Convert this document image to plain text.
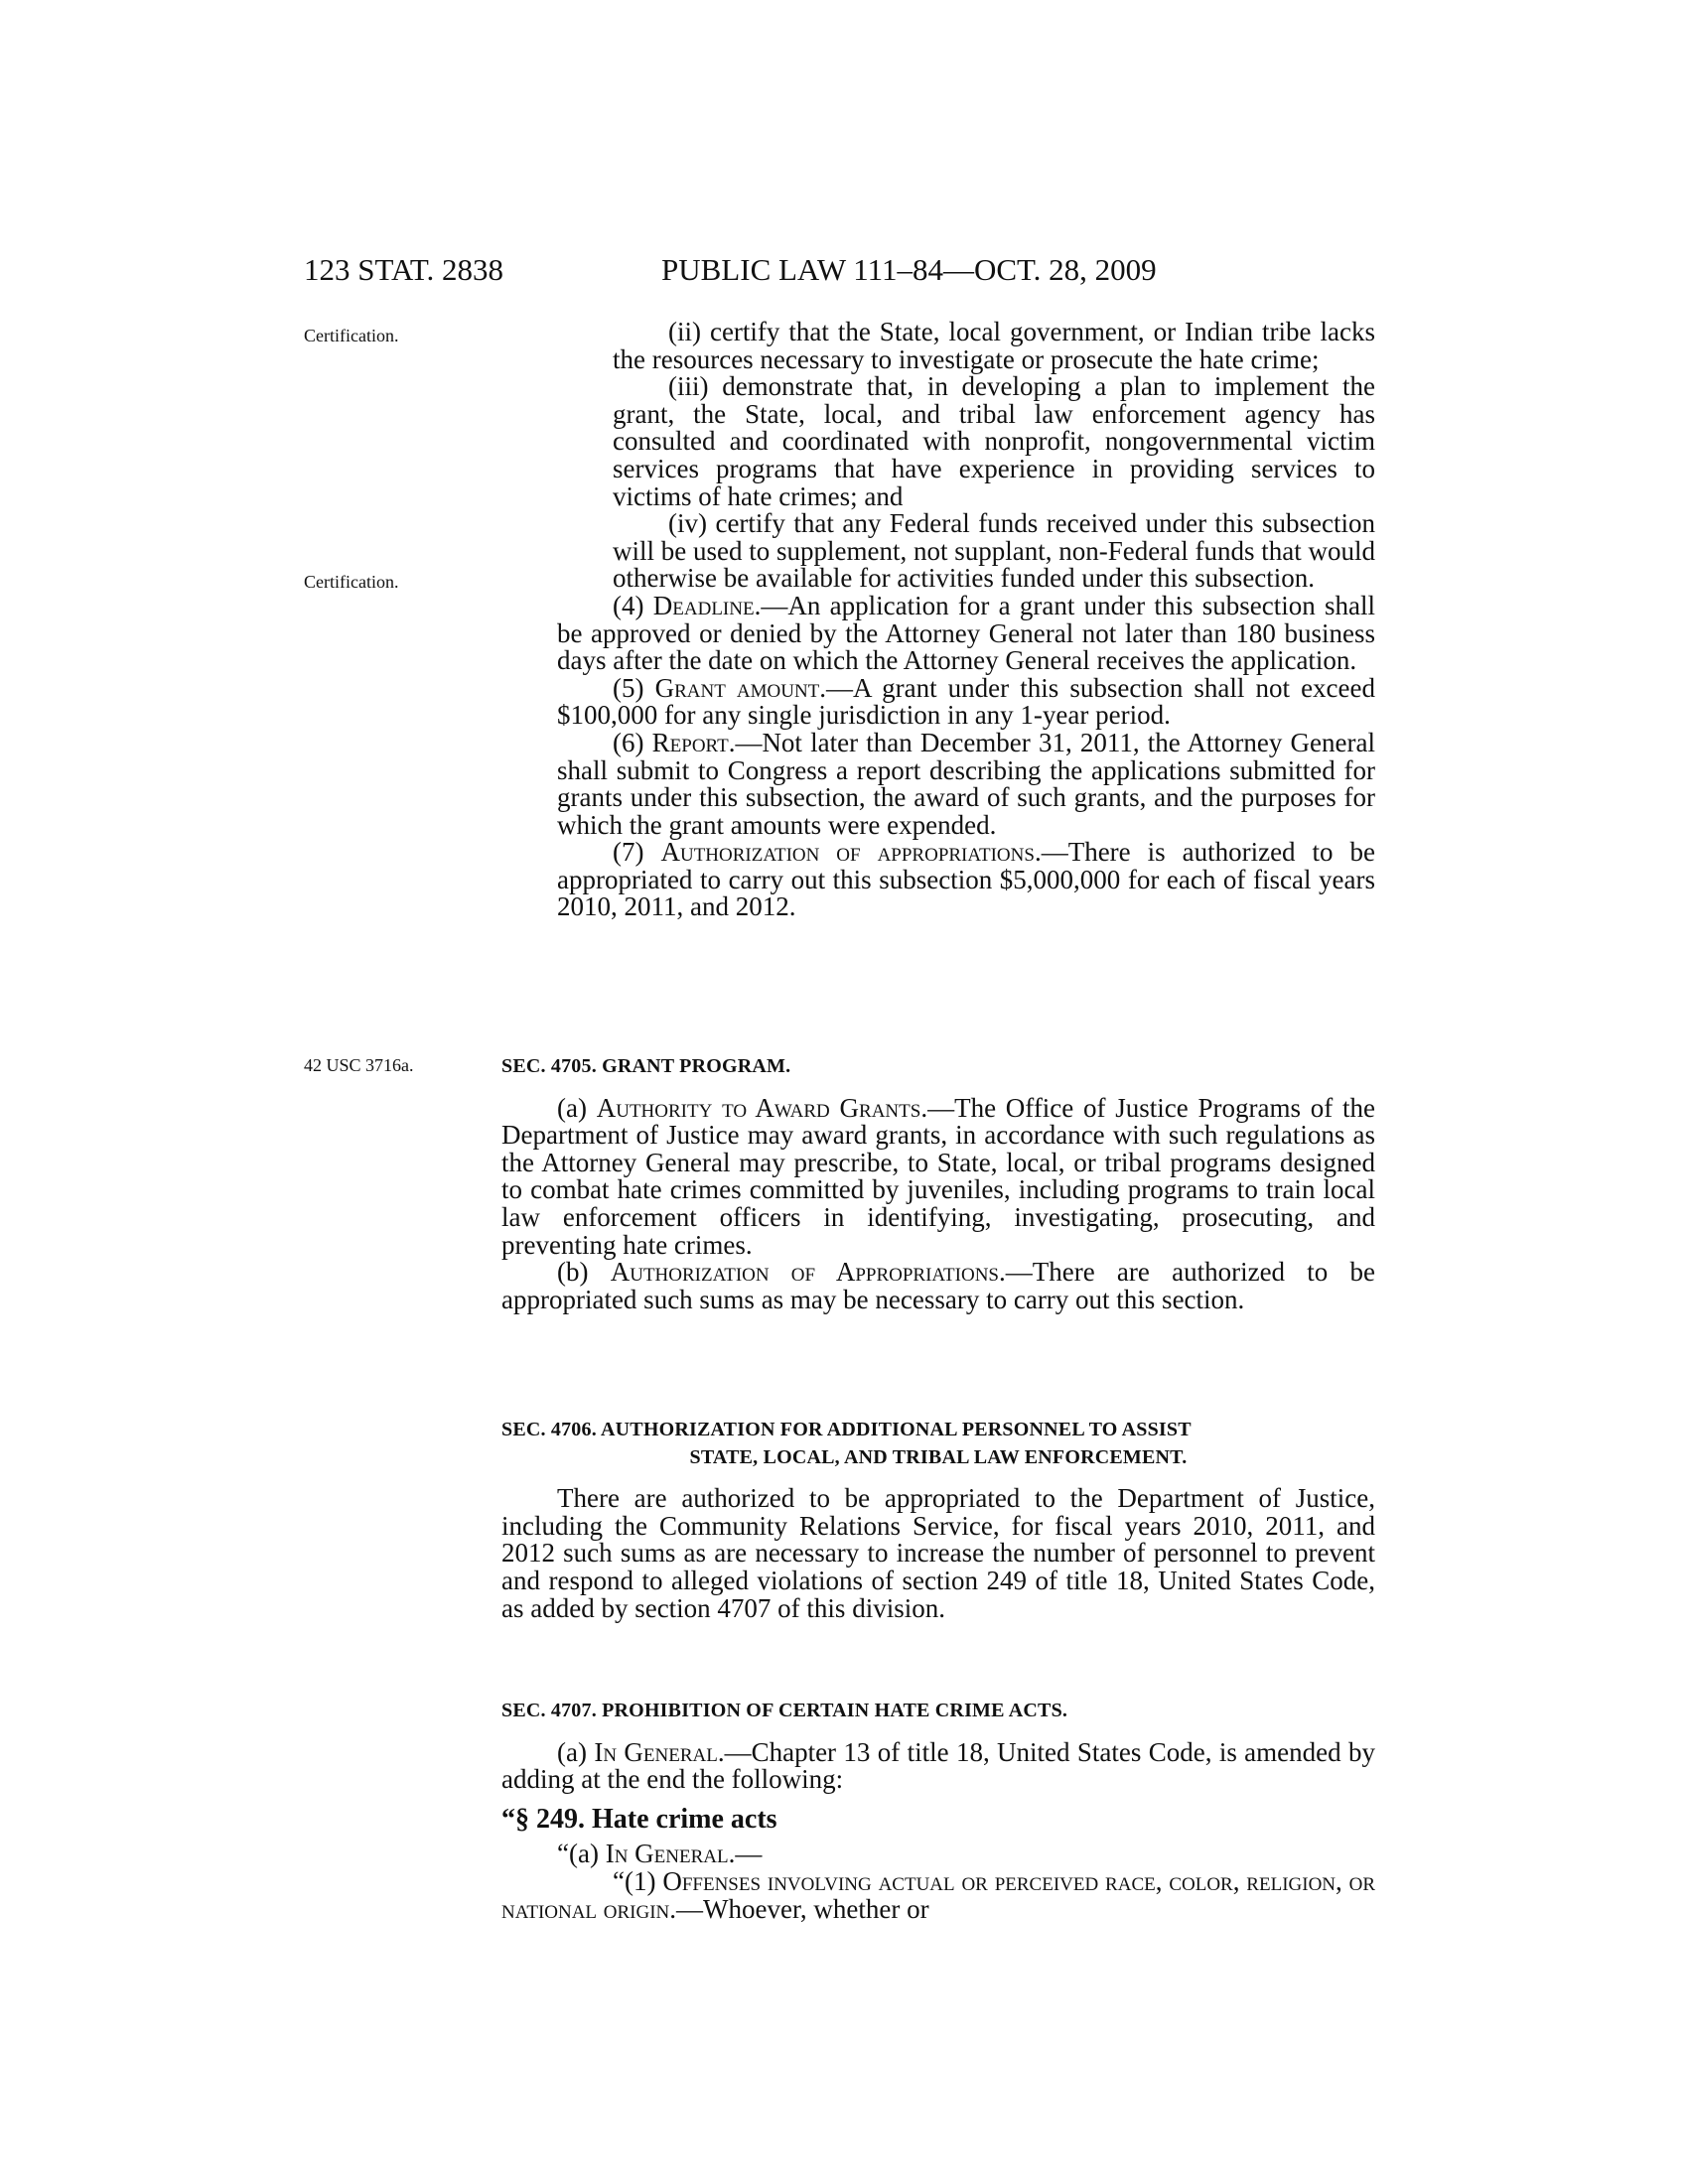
123 STAT. 2838	PUBLIC LAW 111–84—OCT. 28, 2009
Certification.
Certification.
42 USC 3716a.

(ii) certify that the State, local government, or Indian tribe lacks the resources necessary to investigate or prosecute the hate crime;

(iii) demonstrate that, in developing a plan to implement the grant, the State, local, and tribal law enforcement agency has consulted and coordinated with nonprofit, nongovernmental victim services programs that have experience in providing services to victims of hate crimes; and

(iv) certify that any Federal funds received under this subsection will be used to supplement, not supplant, non-Federal funds that would otherwise be available for activities funded under this subsection.

(4) Deadline.—An application for a grant under this subsection shall be approved or denied by the Attorney General not later than 180 business days after the date on which the Attorney General receives the application.

(5) Grant amount.—A grant under this subsection shall not exceed $100,000 for any single jurisdiction in any 1-year period.

(6) Report.—Not later than December 31, 2011, the Attorney General shall submit to Congress a report describing the applications submitted for grants under this subsection, the award of such grants, and the purposes for which the grant amounts were expended.

(7) Authorization of appropriations.—There is authorized to be appropriated to carry out this subsection $5,000,000 for each of fiscal years 2010, 2011, and 2012.

SEC. 4705. GRANT PROGRAM.

(a) Authority to Award Grants.—The Office of Justice Programs of the Department of Justice may award grants, in accordance with such regulations as the Attorney General may prescribe, to State, local, or tribal programs designed to combat hate crimes committed by juveniles, including programs to train local law enforcement officers in identifying, investigating, prosecuting, and preventing hate crimes.

(b) Authorization of Appropriations.—There are authorized to be appropriated such sums as may be necessary to carry out this section.

SEC. 4706. AUTHORIZATION FOR ADDITIONAL PERSONNEL TO ASSIST
STATE, LOCAL, AND TRIBAL LAW ENFORCEMENT.

There are authorized to be appropriated to the Department of Justice, including the Community Relations Service, for fiscal years 2010, 2011, and 2012 such sums as are necessary to increase the number of personnel to prevent and respond to alleged violations of section 249 of title 18, United States Code, as added by section 4707 of this division.

SEC. 4707. PROHIBITION OF CERTAIN HATE CRIME ACTS.

(a) In General.—Chapter 13 of title 18, United States Code, is amended by adding at the end the following:

“§ 249. Hate crime acts

“(a) In General.—

“(1) Offenses involving actual or perceived race, color, religion, or national origin.—Whoever, whether or
